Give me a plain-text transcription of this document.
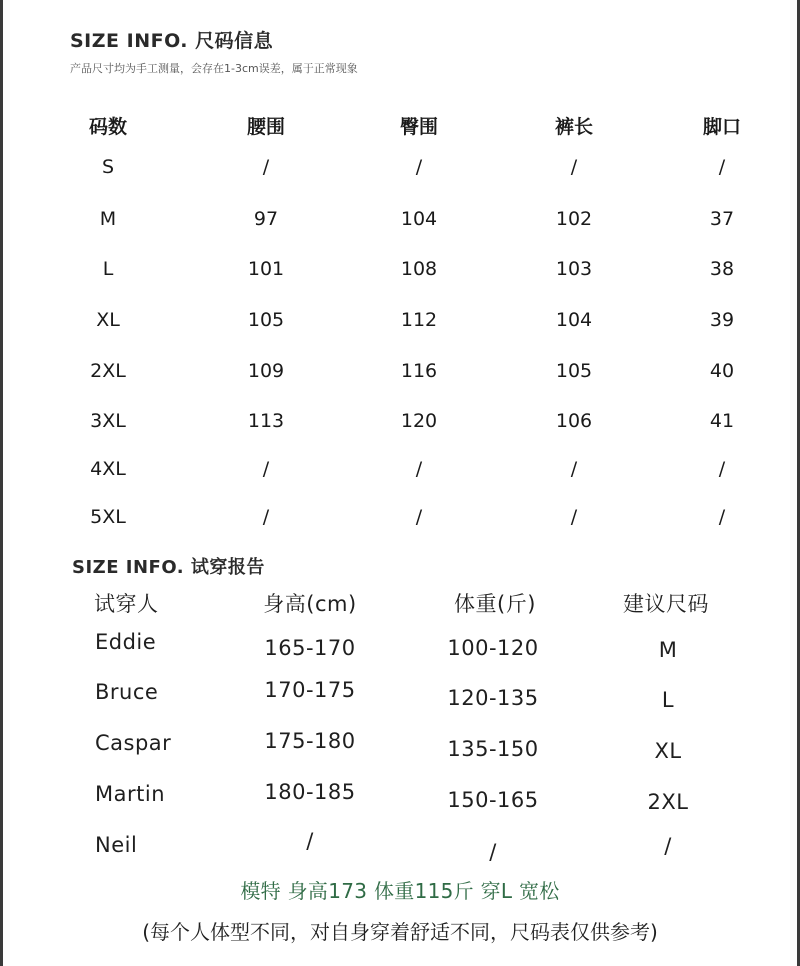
SIZE INFO. 尺码信息
产品尺寸均为手工测量，会存在1-3cm误差，属于正常现象
码数	腰围	臀围	裤长	脚口
S	/	/	/	/
M	97	104	102	37
L	101	108	103	38
XL	105	112	104	39
2XL	109	116	105	40
3XL	113	120	106	41
4XL	/	/	/	/
5XL	/	/	/	/
SIZE INFO. 试穿报告
试穿人	身高(cm)	体重(斤)	建议尺码
Eddie	165-170	100-120	M
Bruce	170-175	120-135	L
Caspar	175-180	135-150	XL
Martin	180-185	150-165	2XL
Neil	/	/	/
模特 身高173 体重115斤 穿L 宽松
(每个人体型不同，对自身穿着舒适不同，尺码表仅供参考)
